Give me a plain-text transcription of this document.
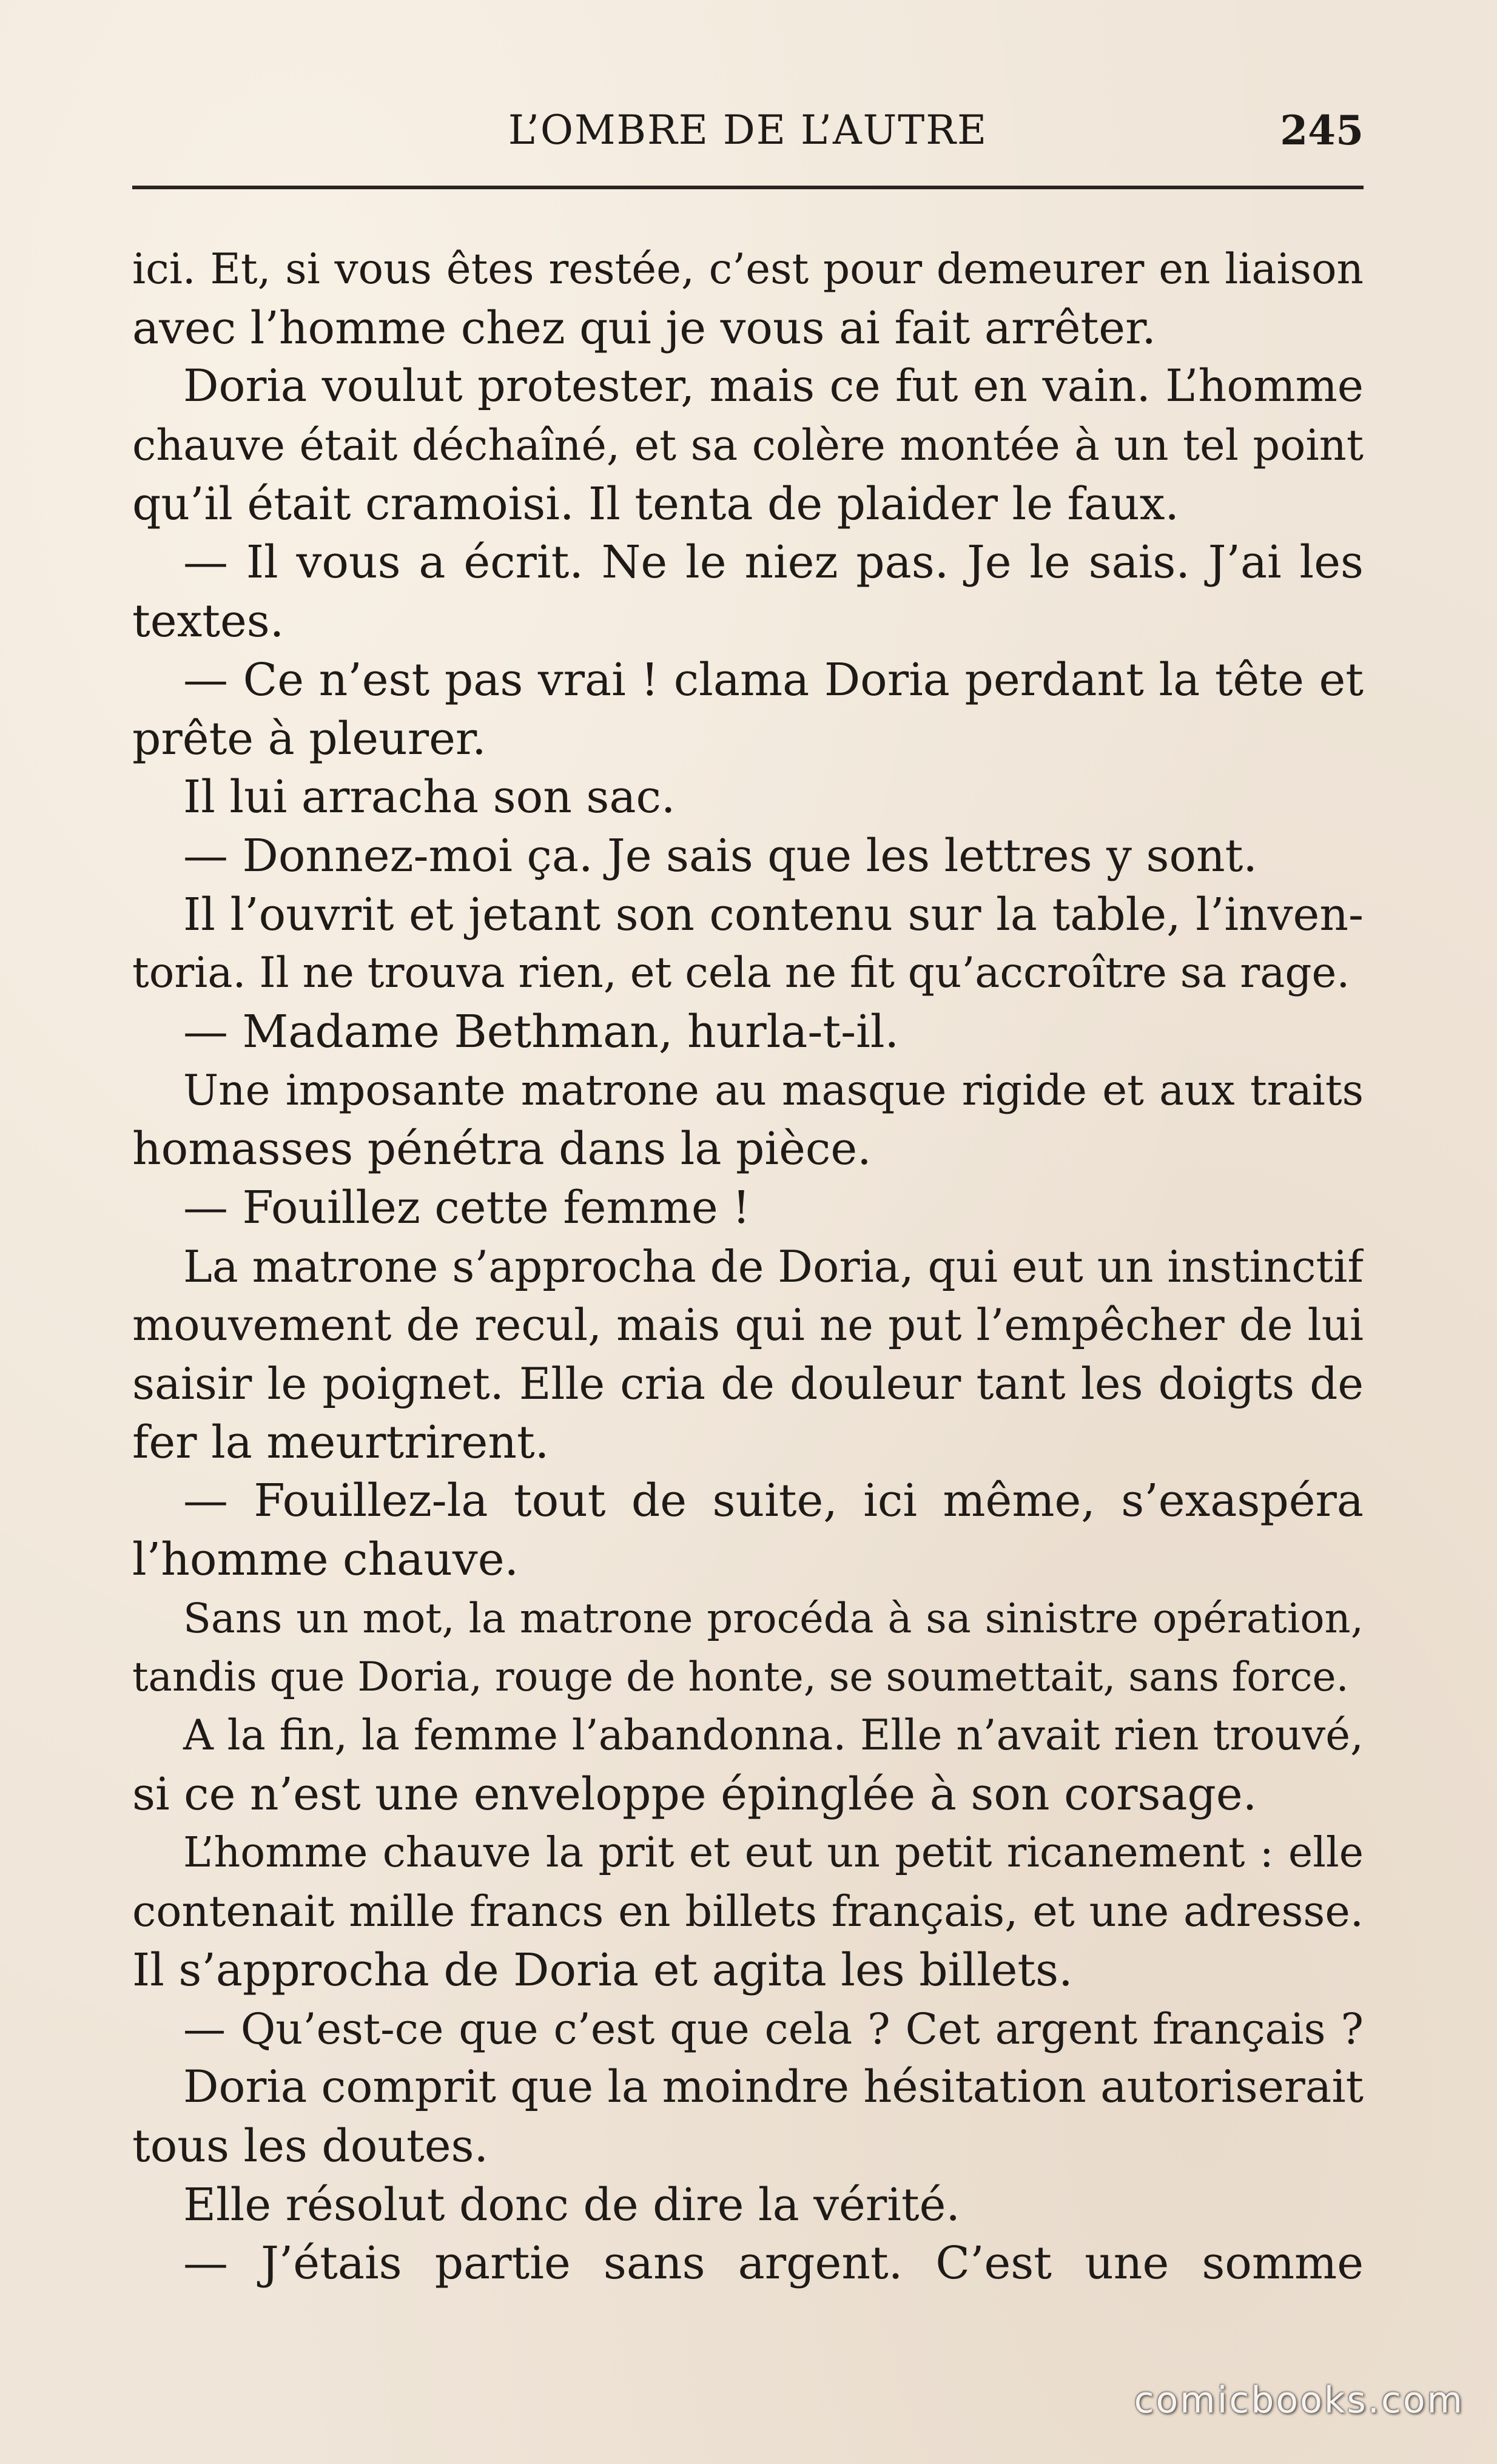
L’OMBRE DE L’AUTRE	245
ici. Et, si vous êtes restée, c’est pour demeurer en liaison
avec l’homme chez qui je vous ai fait arrêter.
Doria voulut protester, mais ce fut en vain. L’homme
chauve était déchaîné, et sa colère montée à un tel point
qu’il était cramoisi. Il tenta de plaider le faux.
— Il vous a écrit. Ne le niez pas. Je le sais. J’ai les
textes.
— Ce n’est pas vrai ! clama Doria perdant la tête et
prête à pleurer.
Il lui arracha son sac.
— Donnez-moi ça. Je sais que les lettres y sont.
Il l’ouvrit et jetant son contenu sur la table, l’inven-
toria. Il ne trouva rien, et cela ne fit qu’accroître sa rage.
— Madame Bethman, hurla-t-il.
Une imposante matrone au masque rigide et aux traits
homasses pénétra dans la pièce.
— Fouillez cette femme !
La matrone s’approcha de Doria, qui eut un instinctif
mouvement de recul, mais qui ne put l’empêcher de lui
saisir le poignet. Elle cria de douleur tant les doigts de
fer la meurtrirent.
— Fouillez-la tout de suite, ici même, s’exaspéra
l’homme chauve.
Sans un mot, la matrone procéda à sa sinistre opération,
tandis que Doria, rouge de honte, se soumettait, sans force.
A la fin, la femme l’abandonna. Elle n’avait rien trouvé,
si ce n’est une enveloppe épinglée à son corsage.
L’homme chauve la prit et eut un petit ricanement : elle
contenait mille francs en billets français, et une adresse.
Il s’approcha de Doria et agita les billets.
— Qu’est-ce que c’est que cela ? Cet argent français ?
Doria comprit que la moindre hésitation autoriserait
tous les doutes.
Elle résolut donc de dire la vérité.
— J’étais partie sans argent. C’est une somme
comicbooks.com
